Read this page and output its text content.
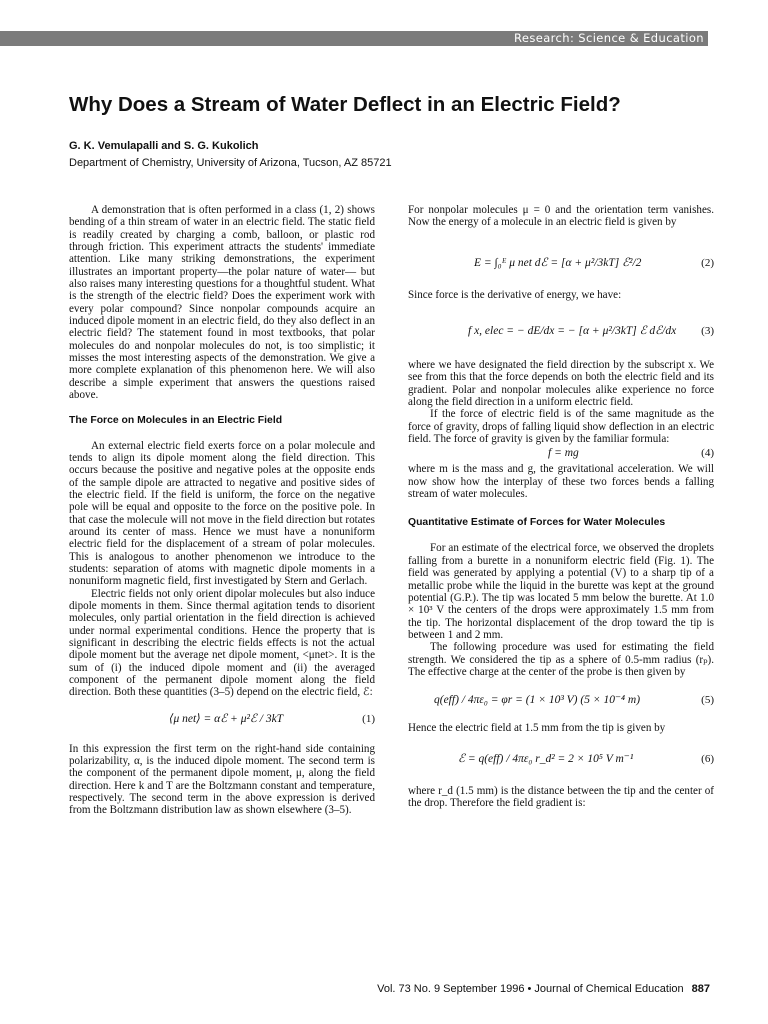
Research: Science & Education
Why Does a Stream of Water Deflect in an Electric Field?
G. K. Vemulapalli and S. G. Kukolich
Department of Chemistry, University of Arizona, Tucson, AZ 85721

A demonstration that is often performed in a class (1, 2) shows bending of a thin stream of water in an electric field. The static field is readily created by charging a comb, balloon, or plastic rod through friction. This experiment attracts the students' immediate attention. Like many striking demonstrations, the experiment illustrates an important property—the polar nature of water— but also raises many interesting questions for a thoughtful student. What is the strength of the electric field? Does the experiment work with every polar compound? Since nonpolar compounds acquire an induced dipole moment in an electric field, do they also deflect in an electric field? The statement found in most textbooks, that polar molecules do and nonpolar molecules do not, is too simplistic; it misses the most interesting aspects of the demonstration. We give a more complete explanation of this phenomenon here. We will also describe a simple experiment that answers the questions raised above.

The Force on Molecules in an Electric Field

An external electric field exerts force on a polar molecule and tends to align its dipole moment along the field direction. This occurs because the positive and negative poles at the opposite ends of the sample dipole are attracted to negative and positive sides of the electric field. If the field is uniform, the force on the negative pole will be equal and opposite to the force on the positive pole. In that case the molecule will not move in the field direction but rotates around its center of mass. Hence we must have a nonuniform electric field for the displacement of a stream of polar molecules. This is analogous to another phenomenon we introduce to the students: separation of atoms with magnetic dipole moments in a nonuniform magnetic field, first investigated by Stern and Gerlach.

Electric fields not only orient dipolar molecules but also induce dipole moments in them. Since thermal agitation tends to disorient molecules, only partial orientation in the field direction is achieved under normal experimental conditions. Hence the property that is significant in describing the electric fields effects is not the actual dipole moment but the average net dipole moment, <μnet>. It is the sum of (i) the induced dipole moment and (ii) the averaged component of the permanent dipole moment along the field direction. Both these quantities (3–5) depend on the electric field, ℰ:

⟨μ net⟩ = αℰ + μ²ℰ / 3kT	(1)

In this expression the first term on the right-hand side containing polarizability, α, is the induced dipole moment. The second term is the component of the permanent dipole moment, μ, along the field direction. Here k and T are the Boltzmann constant and temperature, respectively. The second term in the above expression is derived from the Boltzmann distribution law as shown elsewhere (3–5).

For nonpolar molecules μ = 0 and the orientation term vanishes. Now the energy of a molecule in an electric field is given by

E = ∫₀ᴱ μ net dℰ = [α + μ²/3kT] ℰ²/2	(2)

Since force is the derivative of energy, we have:

f x, elec = − dE/dx = − [α + μ²/3kT] ℰ dℰ/dx (3)

where we have designated the field direction by the subscript x. We see from this that the force depends on both the electric field and its gradient. Polar and nonpolar molecules alike experience no force along the field direction in a uniform electric field.

If the force of electric field is of the same magnitude as the force of gravity, drops of falling liquid show deflection in an electric field. The force of gravity is given by the familiar formula:

f = mg	(4)

where m is the mass and g, the gravitational acceleration. We will now show how the interplay of these two forces bends a falling stream of water molecules.

Quantitative Estimate of Forces for Water Molecules

For an estimate of the electrical force, we observed the droplets falling from a burette in a nonuniform electric field (Fig. 1). The field was generated by applying a potential (V) to a sharp tip of a metallic probe while the liquid in the burette was kept at the ground potential (G.P.). The tip was located 5 mm below the burette. At 1.0 × 10³ V the centers of the drops were approximately 1.5 mm from the tip. The horizontal displacement of the drop toward the tip is between 1 and 2 mm.

The following procedure was used for estimating the field strength. We considered the tip as a sphere of 0.5-mm radius (rₚ). The effective charge at the center of the probe is then given by

q(eff) / 4πε₀ = φr = (1 × 10³ V) (5 × 10⁻⁴ m)	(5)

Hence the electric field at 1.5 mm from the tip is given by

ℰ = q(eff) / 4πε₀ r_d² = 2 × 10⁵ V m⁻¹	(6)

where r_d (1.5 mm) is the distance between the tip and the center of the drop. Therefore the field gradient is:

Vol. 73 No. 9 September 1996 • Journal of Chemical Education 887
